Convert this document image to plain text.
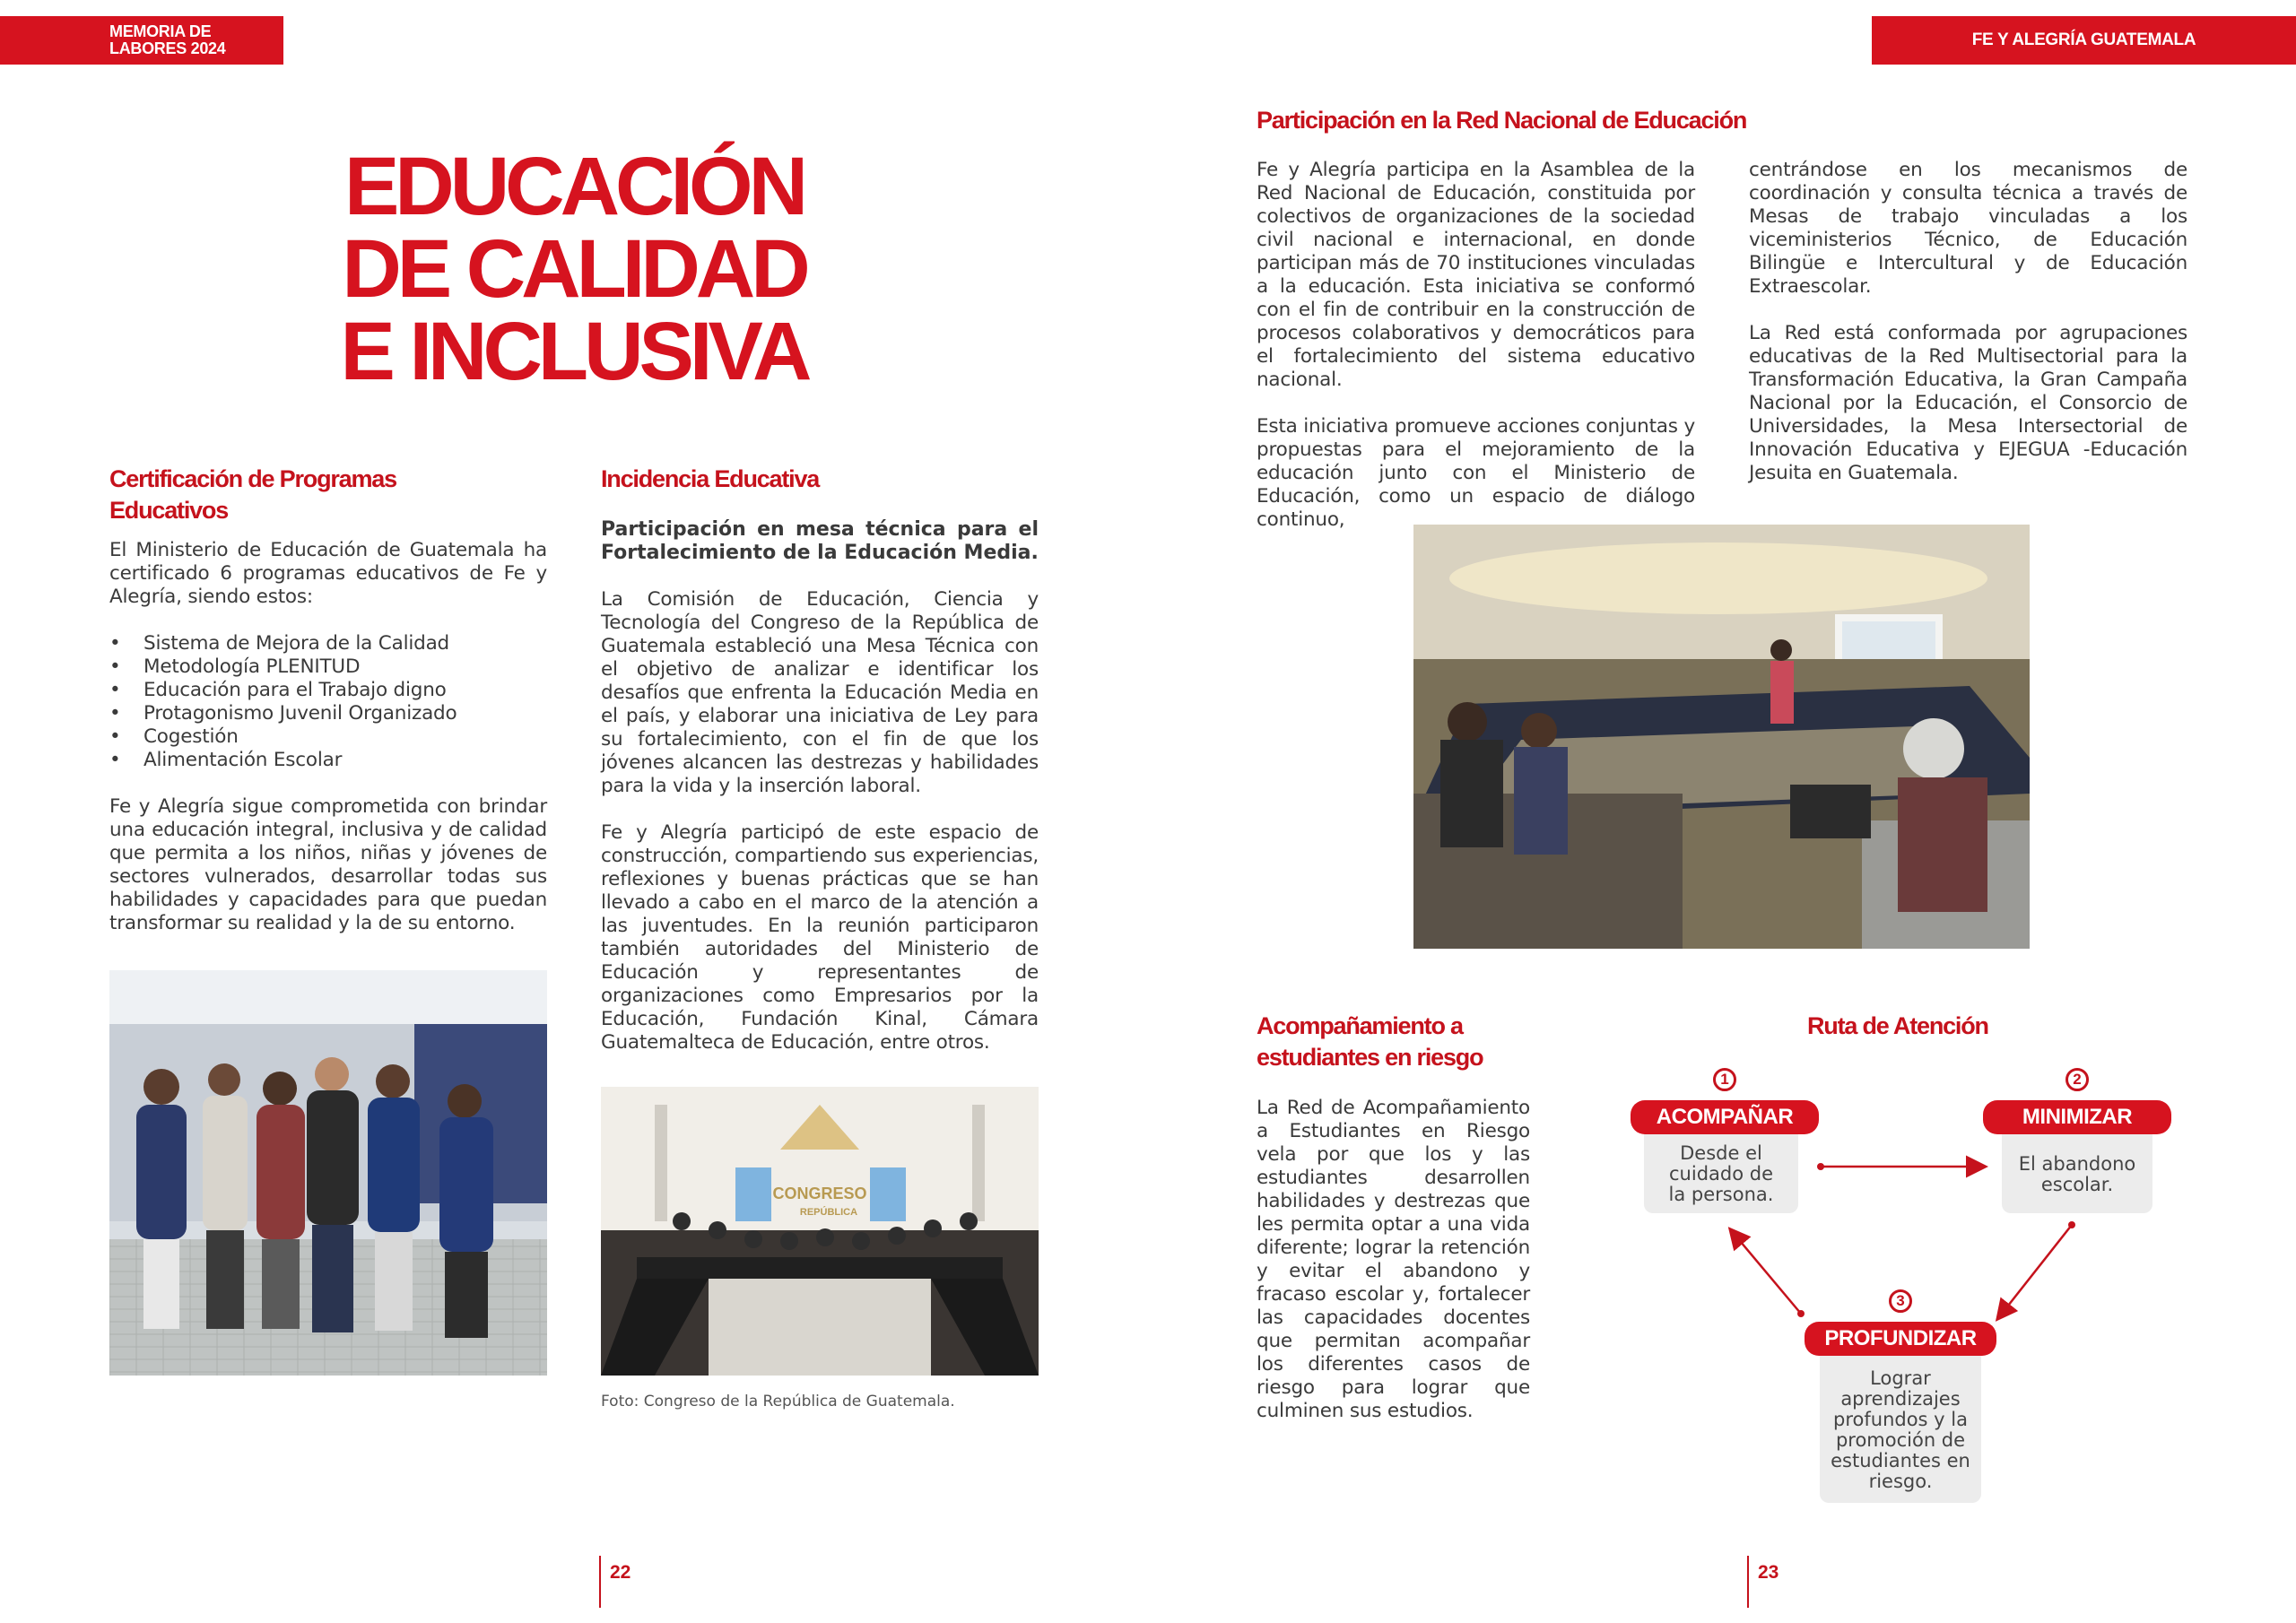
MEMORIA DE
LABORES 2024	FE Y ALEGRÍA GUATEMALA
EDUCACIÓN
DE CALIDAD
E INCLUSIVA
Certificación de Programas
Educativos

El Ministerio de Educación de Guatemala ha certificado 6 programas educativos de Fe y Alegría, siendo estos:

• Sistema de Mejora de la Calidad
• Metodología PLENITUD
• Educación para el Trabajo digno
• Protagonismo Juvenil Organizado
• Cogestión
• Alimentación Escolar

Fe y Alegría sigue comprometida con brindar una educación integral, inclusiva y de calidad que permita a los niños, niñas y jóvenes de sectores vulnerados, desarrollar todas sus habilidades y capacidades para que puedan transformar su realidad y la de su entorno.

Incidencia Educativa
Participación en mesa técnica para el Fortalecimiento de la Educación Media.

La Comisión de Educación, Ciencia y Tecnología del Congreso de la República de Guatemala estableció una Mesa Técnica con el objetivo de analizar e identificar los desafíos que enfrenta la Educación Media en el país, y elaborar una iniciativa de Ley para su fortalecimiento, con el fin de que los jóvenes alcancen las destrezas y habilidades para la vida y la inserción laboral.

Fe y Alegría participó de este espacio de construcción, compartiendo sus experiencias, reflexiones y buenas prácticas que se han llevado a cabo en el marco de la atención a las juventudes. En la reunión participaron también autoridades del Ministerio de Educación y representantes de organizaciones como Empresarios por la Educación, Fundación Kinal, Cámara Guatemalteca de Educación, entre otros.

CONGRESO
REPÚBLICA
Foto: Congreso de la República de Guatemala.
Participación en la Red Nacional de Educación

Fe y Alegría participa en la Asamblea de la Red Nacional de Educación, constituida por colectivos de organizaciones de la sociedad civil nacional e internacional, en donde participan más de 70 instituciones vinculadas a la educación. Esta iniciativa se conformó con el fin de contribuir en la construcción de procesos colaborativos y democráticos para el fortalecimiento del sistema educativo nacional.

Esta iniciativa promueve acciones conjuntas y propuestas para el mejoramiento de la educación junto con el Ministerio de Educación, como un espacio de diálogo continuo,

centrándose en los mecanismos de coordinación y consulta técnica a través de Mesas de trabajo vinculadas a los viceministerios Técnico, de Educación Bilingüe e Intercultural y de Educación Extraescolar.

La Red está conformada por agrupaciones educativas de la Red Multisectorial para la Transformación Educativa, la Gran Campaña Nacional por la Educación, el Consorcio de Universidades, la Mesa Intersectorial de Innovación Educativa y EJEGUA -Educación Jesuita en Guatemala.

Acompañamiento a
estudiantes en riesgo
La Red de Acompañamiento a Estudiantes en Riesgo vela por que los y las estudiantes desarrollen habilidades y destrezas que les permita optar a una vida diferente; lograr la retención y evitar el abandono y fracaso escolar y, fortalecer las capacidades docentes que permitan acompañar los diferentes casos de riesgo para lograr que culminen sus estudios.
Ruta de Atención
1
ACOMPAÑAR
Desde el
cuidado de
la persona.
2
MINIMIZAR
El abandono
escolar.
3
PROFUNDIZAR
Lograr
aprendizajes
profundos y la
promoción de
estudiantes en
riesgo.
22	23
